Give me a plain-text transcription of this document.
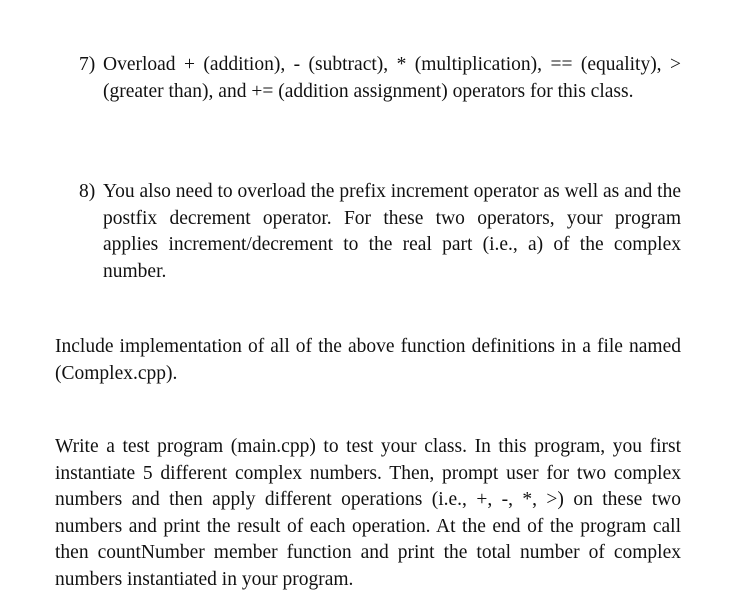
7) Overload + (addition), - (subtract), * (multiplication), == (equality), > (greater than), and += (addition assignment) operators for this class.
8) You also need to overload the prefix increment operator as well as and the postfix decrement operator. For these two operators, your program applies increment/decrement to the real part (i.e., a) of the complex number.
Include implementation of all of the above function definitions in a file named (Complex.cpp).
Write a test program (main.cpp) to test your class. In this program, you first instantiate 5 different complex numbers. Then, prompt user for two complex numbers and then apply different operations (i.e., +, -, *, >) on these two numbers and print the result of each operation. At the end of the program call then countNumber member function and print the total number of complex numbers instantiated in your program.
